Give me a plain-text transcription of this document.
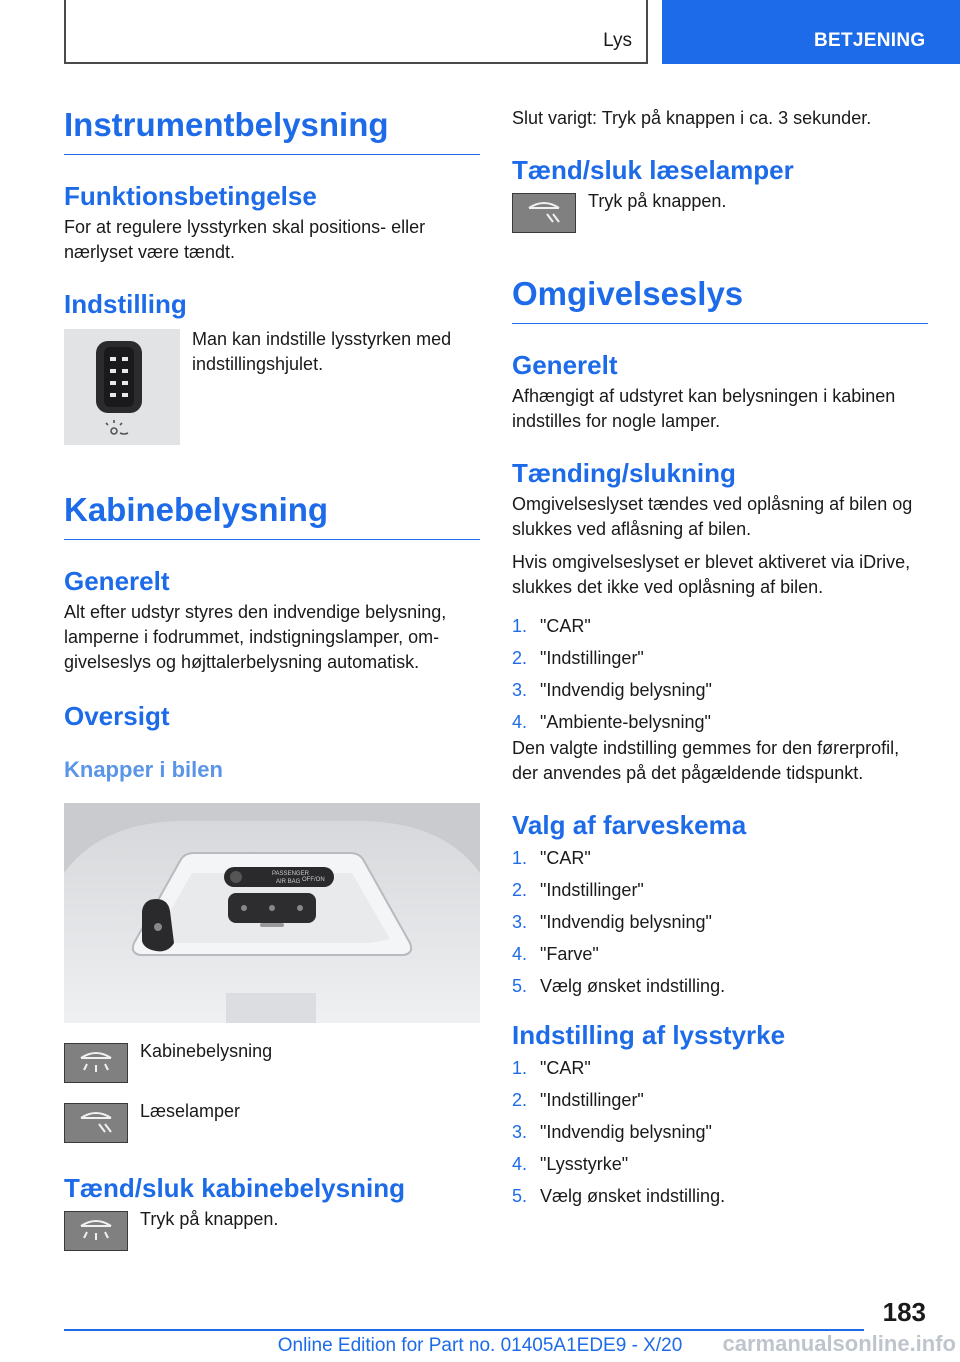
Lys	BETJENING
Instrumentbelysning
Funktionsbetingelse

For at regulere lysstyrken skal positions- eller nærlyset være tændt.

Indstilling
Man kan indstille lysstyrken med indstillingshjulet.
Kabinebelysning
Generelt

Alt efter udstyr styres den indvendige belysning, lamperne i fodrummet, indstigningslamper, omgivelseslys og højttalerbelysning automatisk.

Oversigt
Knapper i bilen
PASSENGER
AIR BAG OFF/ON
Kabinebelysning
Læselamper
Tænd/sluk kabinebelysning
Tryk på knappen.

Slut varigt: Tryk på knappen i ca. 3 sekunder.

Tænd/sluk læselamper
Tryk på knappen.
Omgivelseslys
Generelt

Afhængigt af udstyret kan belysningen i kabinen indstilles for nogle lamper.

Tænding/slukning

Omgivelseslyset tændes ved oplåsning af bilen og slukkes ved aflåsning af bilen.

Hvis omgivelseslyset er blevet aktiveret via iDrive, slukkes det ikke ved oplåsning af bilen.

1. "CAR"
2. "Indstillinger"
3. "Indvendig belysning"
4. "Ambiente-belysning"

Den valgte indstilling gemmes for den førerprofil, der anvendes på det pågældende tidspunkt.

Valg af farveskema
1. "CAR"
2. "Indstillinger"
3. "Indvendig belysning"
4. "Farve"
5. Vælg ønsket indstilling.
Indstilling af lysstyrke
1. "CAR"
2. "Indstillinger"
3. "Indvendig belysning"
4. "Lysstyrke"
5. Vælg ønsket indstilling.
183
Online Edition for Part no. 01405A1EDE9 - X/20 carmanualsonline.info
